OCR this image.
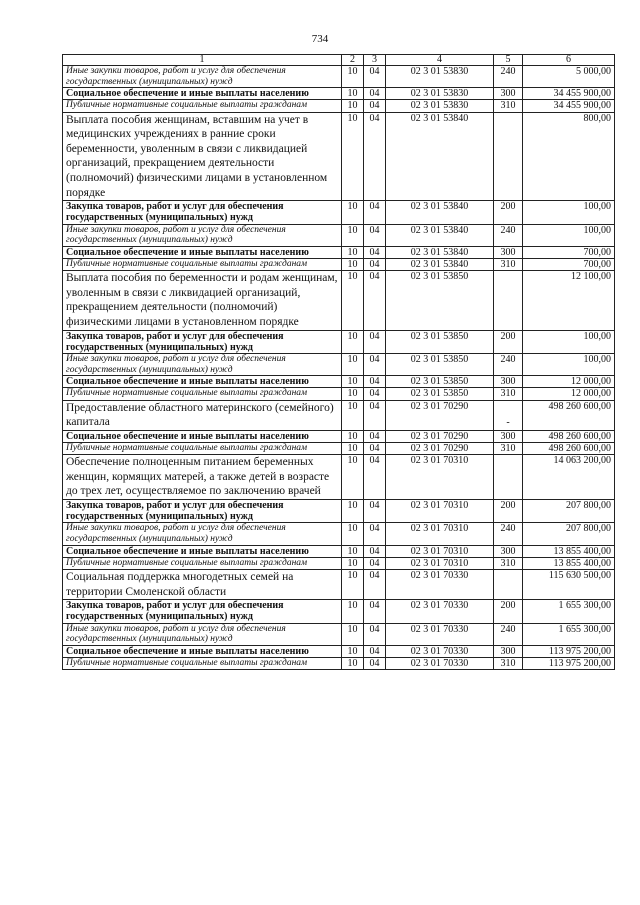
734
1	2	3	4	5	6
Иные закупки товаров, работ и услуг для обеспечения государственных (муниципальных) нужд	10	04	02 3 01 53830	240	5 000,00
Социальное обеспечение и иные выплаты населению	10	04	02 3 01 53830	300	34 455 900,00
Публичные нормативные социальные выплаты гражданам	10	04	02 3 01 53830	310	34 455 900,00
Выплата пособия женщинам, вставшим на учет в медицинских учреждениях в ранние сроки беременности, уволенным в связи с ликвидацией организаций, прекращением деятельности (полномочий) физическими лицами в установленном порядке	10	04	02 3 01 53840		800,00
Закупка товаров, работ и услуг для обеспечения государственных (муниципальных) нужд	10	04	02 3 01 53840	200	100,00
Иные закупки товаров, работ и услуг для обеспечения государственных (муниципальных) нужд	10	04	02 3 01 53840	240	100,00
Социальное обеспечение и иные выплаты населению	10	04	02 3 01 53840	300	700,00
Публичные нормативные социальные выплаты гражданам	10	04	02 3 01 53840	310	700,00
Выплата пособия по беременности и родам женщинам, уволенным в связи с ликвидацией организаций, прекращением деятельности (полномочий) физическими лицами в установленном порядке	10	04	02 3 01 53850		12 100,00
Закупка товаров, работ и услуг для обеспечения государственных (муниципальных) нужд	10	04	02 3 01 53850	200	100,00
Иные закупки товаров, работ и услуг для обеспечения государственных (муниципальных) нужд	10	04	02 3 01 53850	240	100,00
Социальное обеспечение и иные выплаты населению	10	04	02 3 01 53850	300	12 000,00
Публичные нормативные социальные выплаты гражданам	10	04	02 3 01 53850	310	12 000,00
Предоставление областного материнского (семейного) капитала	10	04	02 3 01 70290	-	498 260 600,00
Социальное обеспечение и иные выплаты населению	10	04	02 3 01 70290	300	498 260 600,00
Публичные нормативные социальные выплаты гражданам	10	04	02 3 01 70290	310	498 260 600,00
Обеспечение полноценным питанием беременных женщин, кормящих матерей, а также детей в возрасте до трех лет, осуществляемое по заключению врачей	10	04	02 3 01 70310		14 063 200,00
Закупка товаров, работ и услуг для обеспечения государственных (муниципальных) нужд	10	04	02 3 01 70310	200	207 800,00
Иные закупки товаров, работ и услуг для обеспечения государственных (муниципальных) нужд	10	04	02 3 01 70310	240	207 800,00
Социальное обеспечение и иные выплаты населению	10	04	02 3 01 70310	300	13 855 400,00
Публичные нормативные социальные выплаты гражданам	10	04	02 3 01 70310	310	13 855 400,00
Социальная поддержка многодетных семей на территории Смоленской области	10	04	02 3 01 70330		115 630 500,00
Закупка товаров, работ и услуг для обеспечения государственных (муниципальных) нужд	10	04	02 3 01 70330	200	1 655 300,00
Иные закупки товаров, работ и услуг для обеспечения государственных (муниципальных) нужд	10	04	02 3 01 70330	240	1 655 300,00
Социальное обеспечение и иные выплаты населению	10	04	02 3 01 70330	300	113 975 200,00
Публичные нормативные социальные выплаты гражданам	10	04	02 3 01 70330	310	113 975 200,00
